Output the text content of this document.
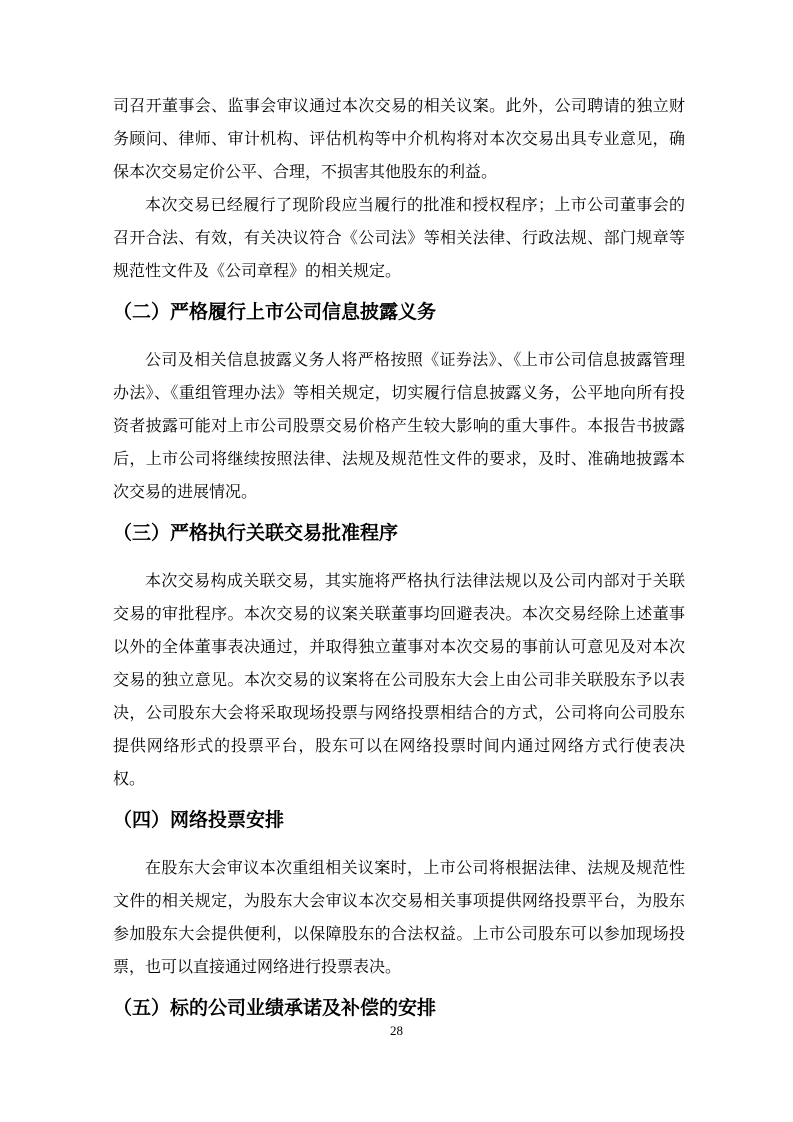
司召开董事会、监事会审议通过本次交易的相关议案。此外，公司聘请的独立财务顾问、律师、审计机构、评估机构等中介机构将对本次交易出具专业意见，确保本次交易定价公平、合理，不损害其他股东的利益。

本次交易已经履行了现阶段应当履行的批准和授权程序；上市公司董事会的召开合法、有效，有关决议符合《公司法》等相关法律、行政法规、部门规章等规范性文件及《公司章程》的相关规定。

（二）严格履行上市公司信息披露义务

公司及相关信息披露义务人将严格按照《证券法》、《上市公司信息披露管理办法》、《重组管理办法》等相关规定，切实履行信息披露义务，公平地向所有投资者披露可能对上市公司股票交易价格产生较大影响的重大事件。本报告书披露后，上市公司将继续按照法律、法规及规范性文件的要求，及时、准确地披露本次交易的进展情况。

（三）严格执行关联交易批准程序

本次交易构成关联交易，其实施将严格执行法律法规以及公司内部对于关联交易的审批程序。本次交易的议案关联董事均回避表决。本次交易经除上述董事以外的全体董事表决通过，并取得独立董事对本次交易的事前认可意见及对本次交易的独立意见。本次交易的议案将在公司股东大会上由公司非关联股东予以表决，公司股东大会将采取现场投票与网络投票相结合的方式，公司将向公司股东提供网络形式的投票平台，股东可以在网络投票时间内通过网络方式行使表决权。

（四）网络投票安排

在股东大会审议本次重组相关议案时，上市公司将根据法律、法规及规范性文件的相关规定，为股东大会审议本次交易相关事项提供网络投票平台，为股东参加股东大会提供便利，以保障股东的合法权益。上市公司股东可以参加现场投票，也可以直接通过网络进行投票表决。

（五）标的公司业绩承诺及补偿的安排
28
